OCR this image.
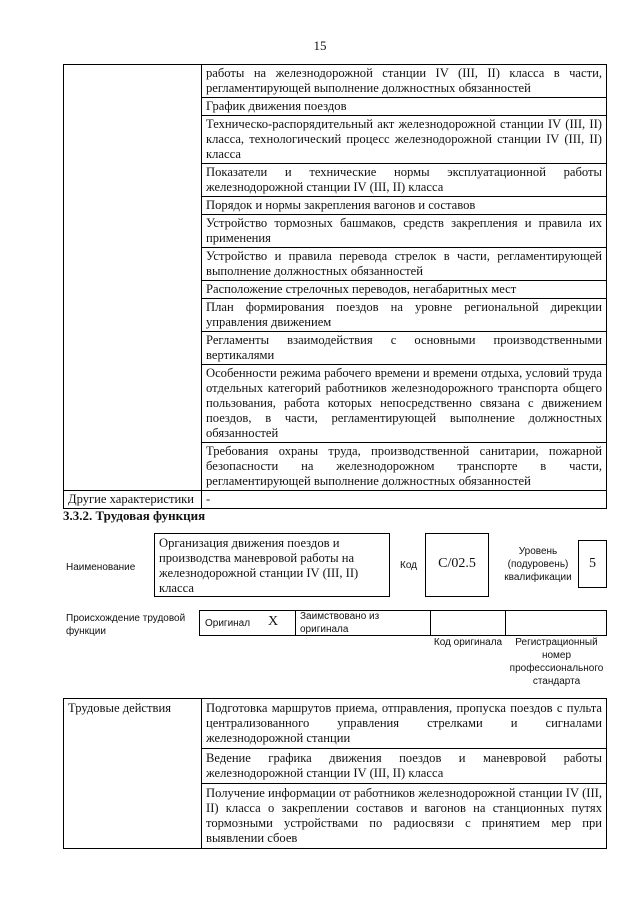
15
	работы на железнодорожной станции IV (III, II) класса в части, регламентирующей выполнение должностных обязанностей
	График движения поездов
	Техническо-распорядительный акт железнодорожной станции IV (III, II) класса, технологический процесс железнодорожной станции IV (III, II) класса
	Показатели и технические нормы эксплуатационной работы железнодорожной станции IV (III, II) класса
	Порядок и нормы закрепления вагонов и составов
	Устройство тормозных башмаков, средств закрепления и правила их применения
	Устройство и правила перевода стрелок в части, регламентирующей выполнение должностных обязанностей
	Расположение стрелочных переводов, негабаритных мест
	План формирования поездов на уровне региональной дирекции управления движением
	Регламенты взаимодействия с основными производственными вертикалями
	Особенности режима рабочего времени и времени отдыха, условий труда отдельных категорий работников железнодорожного транспорта общего пользования, работа которых непосредственно связана с движением поездов, в части, регламентирующей выполнение должностных обязанностей
	Требования охраны труда, производственной санитарии, пожарной безопасности на железнодорожном транспорте в части, регламентирующей выполнение должностных обязанностей
Другие характеристики	-
3.3.2. Трудовая функция
Наименование
Организация движения поездов и производства маневровой работы на железнодорожной станции IV (III, II) класса
Код	C/02.5
Уровень (подуровень) квалификации
5
Происхождение трудовой функции
Оригинал X Заимствовано из оригинала
Код оригинала	Регистрационный номер профессионального стандарта
Трудовые действия	Подготовка маршрутов приема, отправления, пропуска поездов с пульта централизованного управления стрелками и сигналами железнодорожной станции
Ведение графика движения поездов и маневровой работы железнодорожной станции IV (III, II) класса
Получение информации от работников железнодорожной станции IV (III, II) класса о закреплении составов и вагонов на станционных путях тормозными устройствами по радиосвязи с принятием мер при выявлении сбоев
